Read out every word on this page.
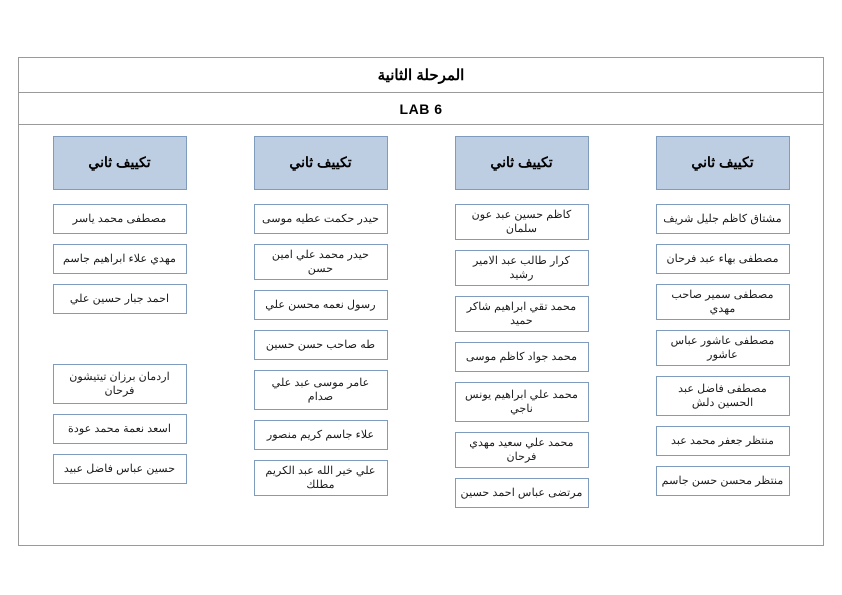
المرحلة الثانية
LAB 6
تكييف ثاني
مشتاق كاظم جليل شريف
مصطفى بهاء عبد فرحان
مصطفى سمير صاحب مهدي
مصطفى عاشور عباس عاشور
مصطفى فاضل عبد الحسين دلش
منتظر جعفر محمد عبد
منتظر محسن حسن جاسم
تكييف ثاني
كاظم حسين عبد عون سلمان
كرار طالب عبد الامير رشيد
محمد تقي ابراهيم شاكر حميد
محمد جواد كاظم موسى
محمد علي ابراهيم يونس ناجي
محمد علي سعيد مهدي فرحان
مرتضى عباس احمد حسين
تكييف ثاني
حيدر حكمت عطيه موسى
حيدر محمد علي امين حسن
رسول نعمه محسن علي
طه صاحب حسن حسين
عامر موسى عبد علي صدام
علاء جاسم كريم منصور
علي خير الله عبد الكريم مطلك
تكييف ثاني
مصطفى محمد ياسر
مهدي علاء ابراهيم جاسم
احمد جبار حسين علي
اردمان برزان تيتيشون فرحان
اسعد نعمة محمد عودة
حسين عباس فاضل عبيد
